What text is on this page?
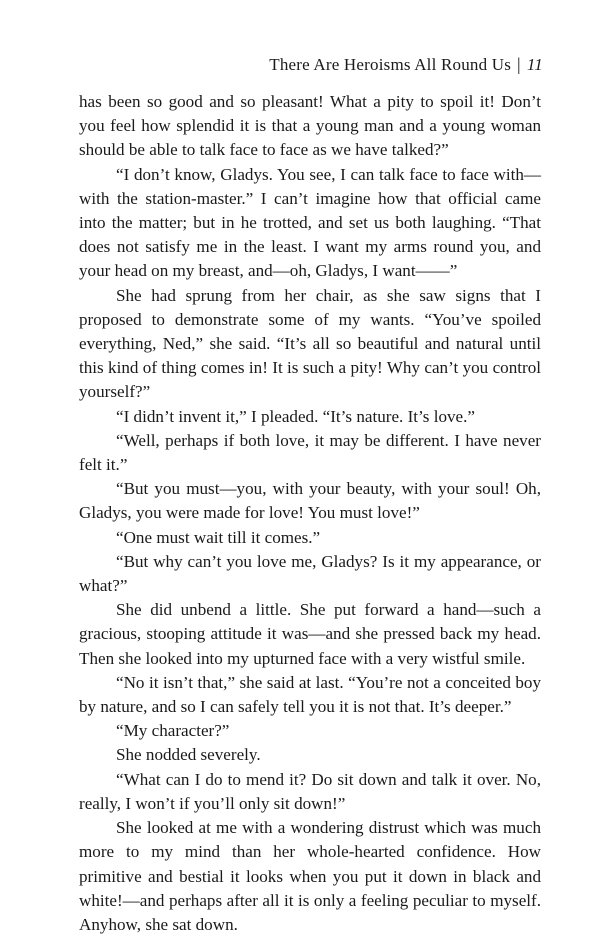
There Are Heroisms All Round Us | 11

has been so good and so pleasant! What a pity to spoil it! Don’t you feel how splendid it is that a young man and a young woman should be able to talk face to face as we have talked?”

“I don’t know, Gladys. You see, I can talk face to face with—with the station-master.” I can’t imagine how that official came into the matter; but in he trotted, and set us both laughing. “That does not satisfy me in the least. I want my arms round you, and your head on my breast, and—oh, Gladys, I want——”

She had sprung from her chair, as she saw signs that I proposed to demonstrate some of my wants. “You’ve spoiled everything, Ned,” she said. “It’s all so beautiful and natural until this kind of thing comes in! It is such a pity! Why can’t you control yourself?”

“I didn’t invent it,” I pleaded. “It’s nature. It’s love.”

“Well, perhaps if both love, it may be different. I have never felt it.”

“But you must—you, with your beauty, with your soul! Oh, Gladys, you were made for love! You must love!”

“One must wait till it comes.”

“But why can’t you love me, Gladys? Is it my appearance, or what?”

She did unbend a little. She put forward a hand—such a gracious, stooping attitude it was—and she pressed back my head. Then she looked into my upturned face with a very wistful smile.

“No it isn’t that,” she said at last. “You’re not a conceited boy by nature, and so I can safely tell you it is not that. It’s deeper.”

“My character?”

She nodded severely.

“What can I do to mend it? Do sit down and talk it over. No, really, I won’t if you’ll only sit down!”

She looked at me with a wondering distrust which was much more to my mind than her whole-hearted confidence. How primitive and bestial it looks when you put it down in black and white!—and perhaps after all it is only a feeling peculiar to myself. Anyhow, she sat down.
